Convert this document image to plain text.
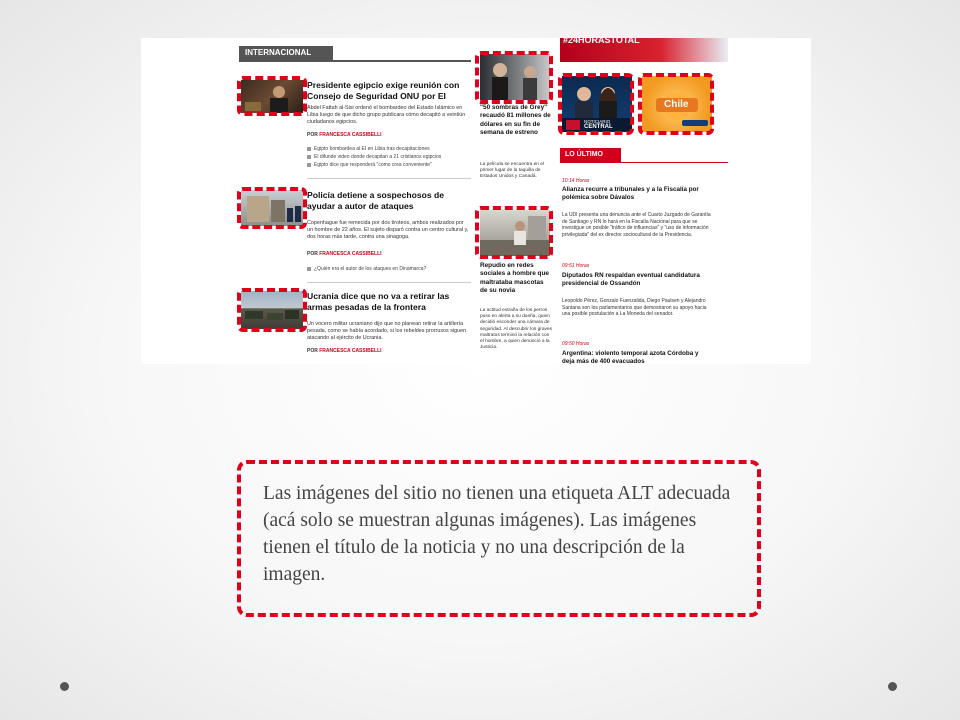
INTERNACIONAL
Presidente egipcio exige reunión con Consejo de Seguridad ONU por EI
Abdel Fattah al-Sisi ordenó el bombardeo del Estado Islámico en Libia luego de que dicho grupo publicara cómo decapitó a veintiún ciudadanos egipcios.
POR FRANCESCA CASSIBELLI
Egipto bombardea al EI en Libia tras decapitaciones
El difunde video donde decapitan a 21 cristianos egipcios
Egipto dice que responderá "como crea conveniente"
Policía detiene a sospechosos de ayudar a autor de ataques
Copenhague fue remecida por dos tiroteos, ambos realizados por un hombre de 22 años. El sujeto disparó contra un centro cultural y, dos horas más tarde, contra una sinagoga.
POR FRANCESCA CASSIBELLI
¿Quién era el autor de los ataques en Dinamarca?
Ucrania dice que no va a retirar las armas pesadas de la frontera
Un vocero militar ucraniano dijo que no planean retirar la artillería pesada, como se había acordado, si los rebeldes prorrusos siguen atacando al ejército de Ucrania.
POR FRANCESCA CASSIBELLI
"50 sombras de Grey" recaudó 81 millones de dólares en su fin de semana de estreno
La película se encuentra en el primer lugar de la taquilla de Estados Unidos y Canadá.
Repudio en redes sociales a hombre que maltrataba mascotas de su novia
La actitud extraña de los perros puso en alerta a su dueña, quien decidió esconder una cámara de seguridad. Al descubrir los graves maltratos terminó la relación con el hombre, a quien denunció a la Justicia.
#24HORASTOTAL
NOTICIARIO
CENTRAL
Chile
LO ÚLTIMO
10:14 Horas
Alianza recurre a tribunales y a la Fiscalía por polémica sobre Dávalos
La UDI presenta una denuncia ante el Cuarto Juzgado de Garantía de Santiago y RN lo hará en la Fiscalía Nacional para que se investigue un posible "tráfico de influencias" y "uso de información privilegiada" del ex director sociocultural de la Presidencia.
09:51 Horas
Diputados RN respaldan eventual candidatura presidencial de Ossandón
Leopoldo Pérez, Gonzalo Fuenzalida, Diego Paulsen y Alejandro Santana son los parlamentarios que demostraron su apoyo hacia una posible postulación a La Moneda del senador.
09:50 Horas
Argentina: violento temporal azota Córdoba y deja más de 400 evacuados
Las imágenes del sitio no tienen una etiqueta ALT adecuada (acá solo se muestran algunas imágenes). Las imágenes tienen el título de la noticia y no una descripción de la imagen.
